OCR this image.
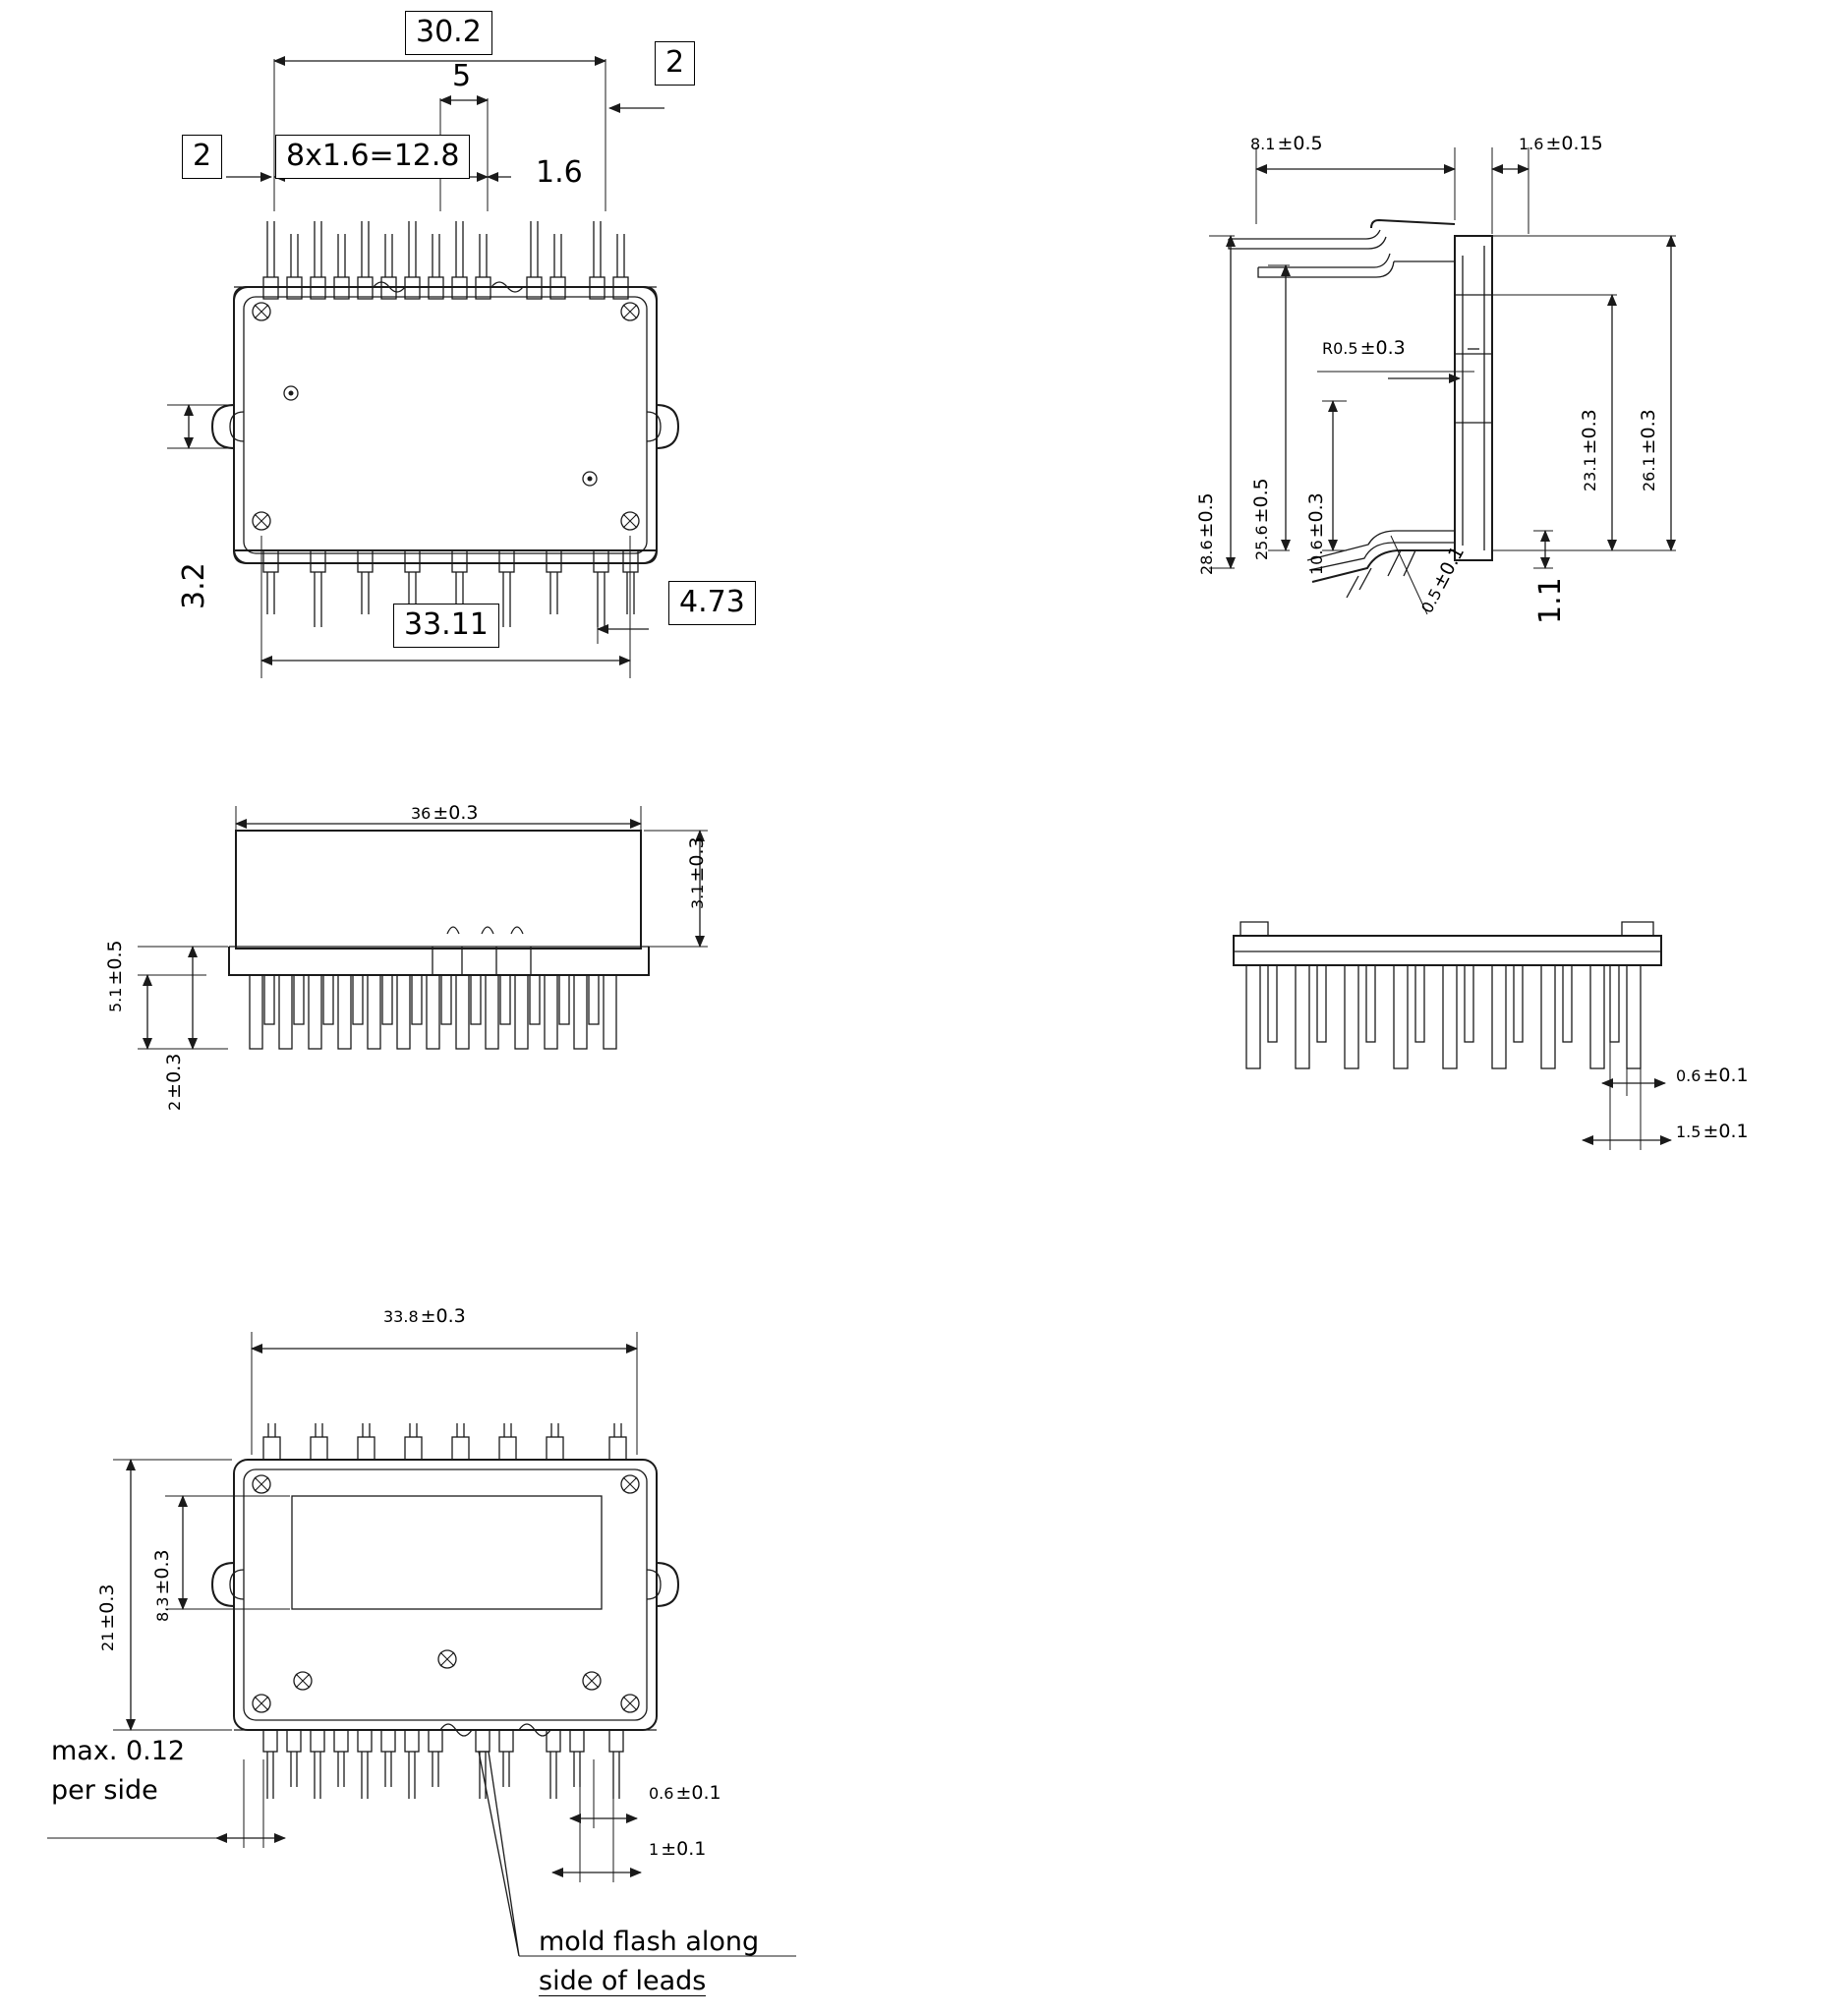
30.2
2
5
2	8x1.6=12.8	1.6
3.2
33.11
4.73
8.1 ±0.5	1.6 ±0.15
28.6
±0.5
25.6
±0.5
10.6
±0.3
R0.5 ±0.3
23.1
±0.3
26.1
±0.3
0.5
±0.1
1.1
36 ±0.3
3.1
±0.3
5.1
±0.5
2
±0.3	0.6 ±0.1
1.5 ±0.1
33.8 ±0.3
21
±0.3 8.3
±0.3
0.6 ±0.1
1 ±0.1
max. 0.12
per side
mold flash along
side of leads
